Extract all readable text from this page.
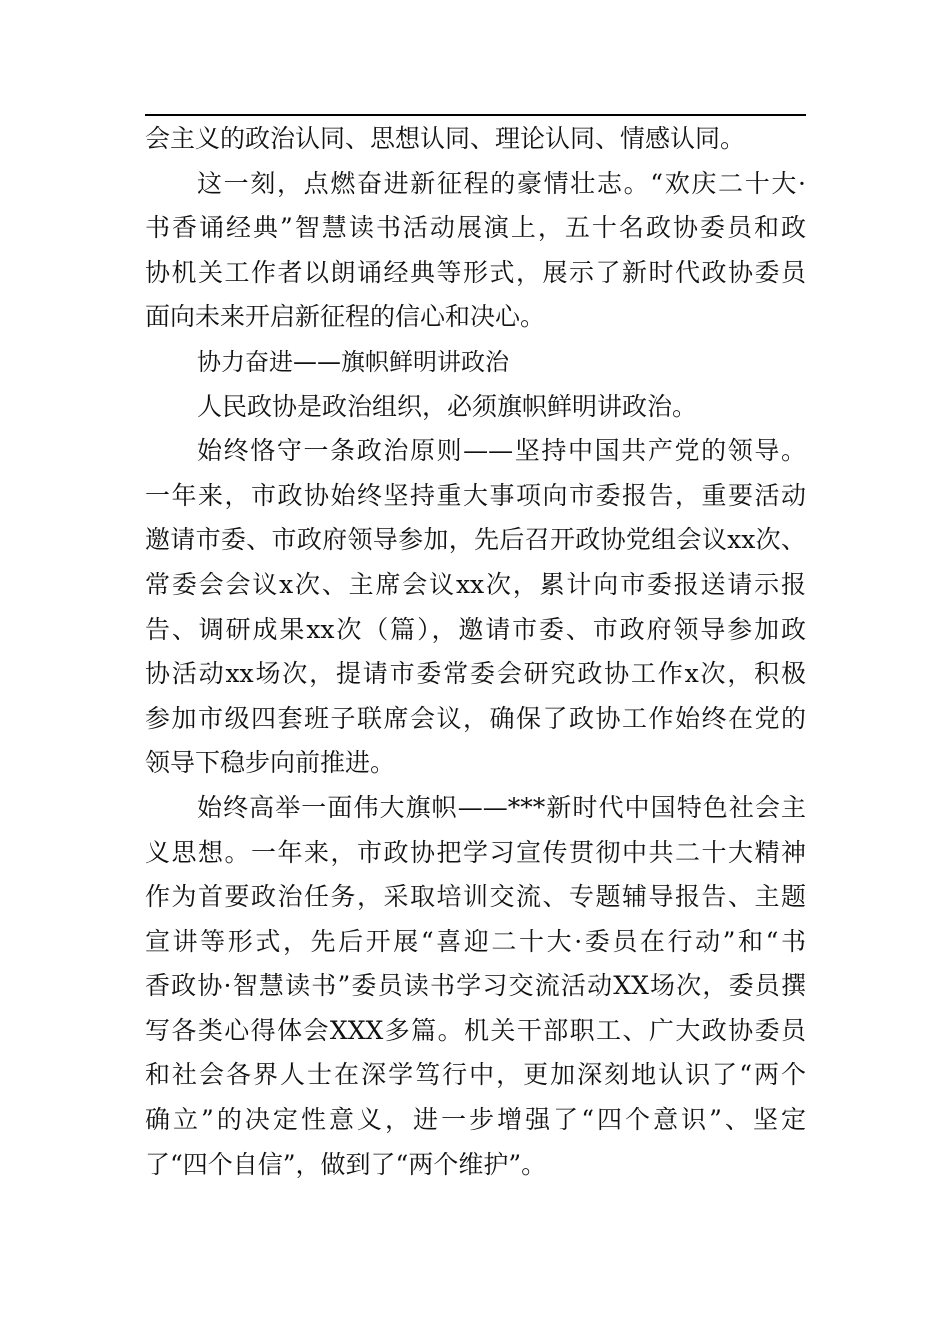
会主义的政治认同、思想认同、理论认同、情感认同。
这一刻，点燃奋进新征程的豪情壮志。“欢庆二十大·
书香诵经典”智慧读书活动展演上，五十名政协委员和政
协机关工作者以朗诵经典等形式，展示了新时代政协委员
面向未来开启新征程的信心和决心。
协力奋进——旗帜鲜明讲政治
人民政协是政治组织，必须旗帜鲜明讲政治。
始终恪守一条政治原则——坚持中国共产党的领导。
一年来，市政协始终坚持重大事项向市委报告，重要活动
邀请市委、市政府领导参加，先后召开政协党组会议xx次、
常委会会议x次、主席会议xx次，累计向市委报送请示报
告、调研成果xx次（篇），邀请市委、市政府领导参加政
协活动xx场次，提请市委常委会研究政协工作x次，积极
参加市级四套班子联席会议，确保了政协工作始终在党的
领导下稳步向前推进。
始终高举一面伟大旗帜——***新时代中国特色社会主
义思想。一年来，市政协把学习宣传贯彻中共二十大精神
作为首要政治任务，采取培训交流、专题辅导报告、主题
宣讲等形式，先后开展“喜迎二十大·委员在行动”和“书
香政协·智慧读书”委员读书学习交流活动XX场次，委员撰
写各类心得体会XXX多篇。机关干部职工、广大政协委员
和社会各界人士在深学笃行中，更加深刻地认识了“两个
确立”的决定性意义，进一步增强了“四个意识”、坚定
了“四个自信”，做到了“两个维护”。
